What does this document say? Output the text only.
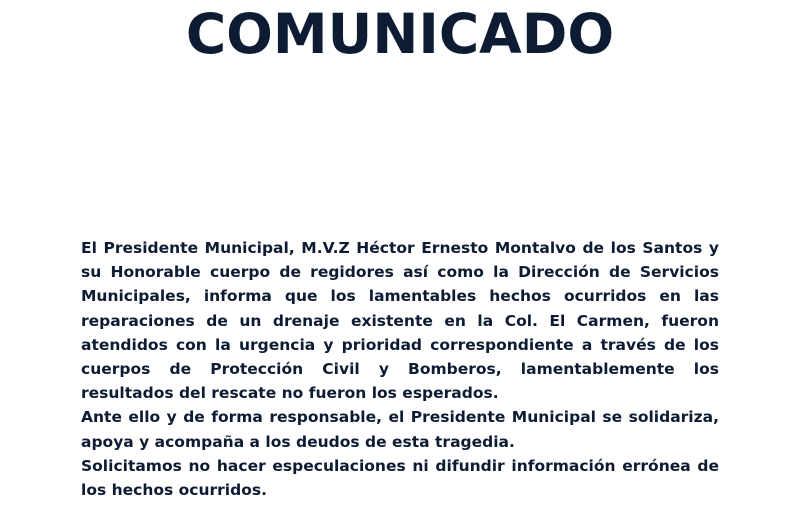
COMUNICADO

El Presidente Municipal, M.V.Z Héctor Ernesto Montalvo de los Santos y su Honorable cuerpo de regidores así como la Dirección de Servicios Municipales, informa que los lamentables hechos ocurridos en las reparaciones de un drenaje existente en la Col. El Carmen, fueron atendidos con la urgencia y prioridad correspondiente a través de los cuerpos de Protección Civil y Bomberos, lamentablemente los resultados del rescate no fueron los esperados.

Ante ello y de forma responsable, el Presidente Municipal se solidariza, apoya y acompaña a los deudos de esta tragedia.

Solicitamos no hacer especulaciones ni difundir información errónea de los hechos ocurridos.
